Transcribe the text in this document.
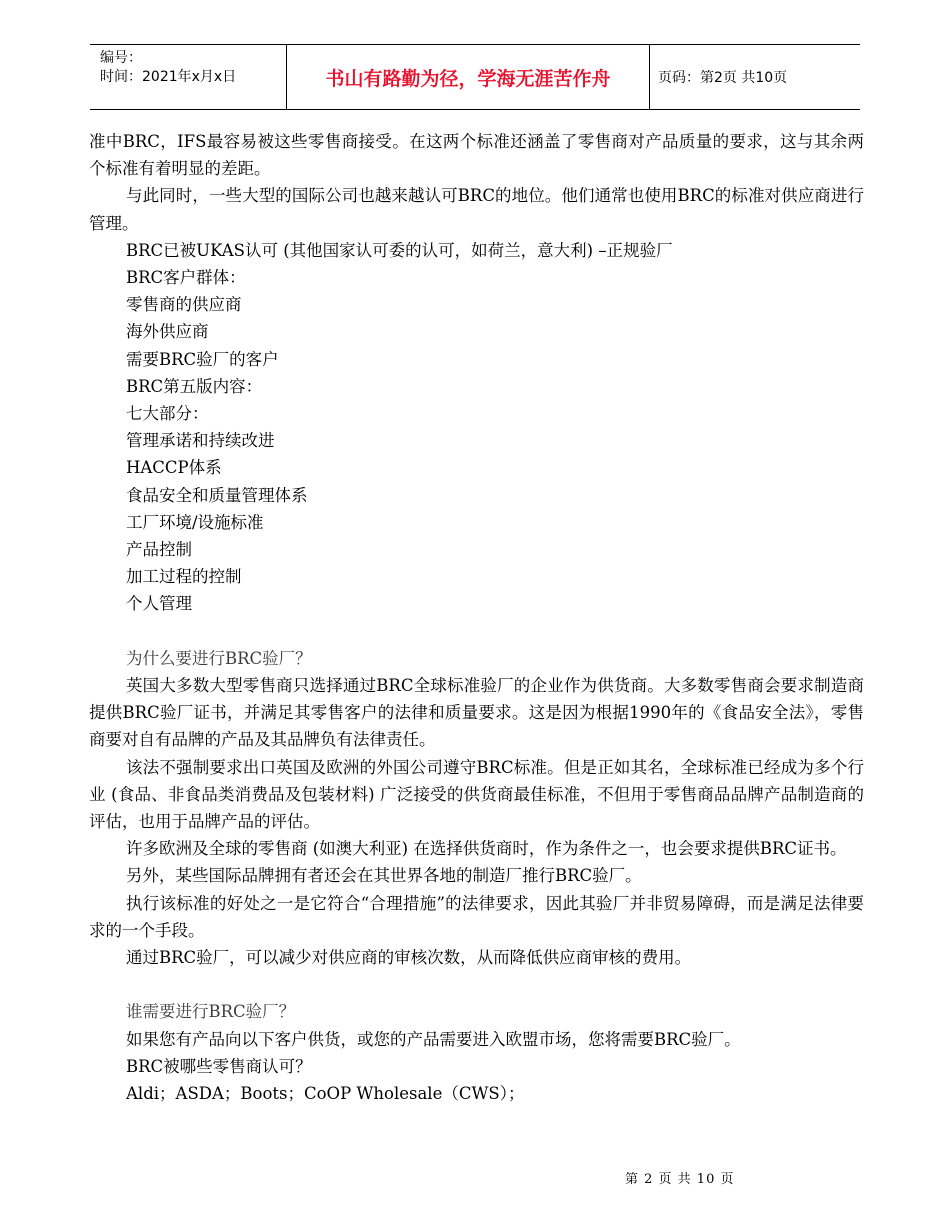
编号：
时间：2021年x月x日	书山有路勤为径，学海无涯苦作舟	页码：第2页 共10页

准中BRC，IFS最容易被这些零售商接受。在这两个标准还涵盖了零售商对产品质量的要求，这与其余两个标准有着明显的差距。

与此同时，一些大型的国际公司也越来越认可BRC的地位。他们通常也使用BRC的标准对供应商进行管理。

BRC已被UKAS认可 (其他国家认可委的认可，如荷兰，意大利) –正规验厂

BRC客户群体：

零售商的供应商

海外供应商

需要BRC验厂的客户

BRC第五版内容：

七大部分：

管理承诺和持续改进

HACCP体系

食品安全和质量管理体系

工厂环境/设施标准

产品控制

加工过程的控制

个人管理

为什么要进行BRC验厂？

英国大多数大型零售商只选择通过BRC全球标准验厂的企业作为供货商。大多数零售商会要求制造商提供BRC验厂证书，并满足其零售客户的法律和质量要求。这是因为根据1990年的《食品安全法》，零售商要对自有品牌的产品及其品牌负有法律责任。

该法不强制要求出口英国及欧洲的外国公司遵守BRC标准。但是正如其名，全球标准已经成为多个行业 (食品、非食品类消费品及包装材料) 广泛接受的供货商最佳标准，不但用于零售商品品牌产品制造商的评估，也用于品牌产品的评估。

许多欧洲及全球的零售商 (如澳大利亚) 在选择供货商时，作为条件之一，也会要求提供BRC证书。

另外，某些国际品牌拥有者还会在其世界各地的制造厂推行BRC验厂。

执行该标准的好处之一是它符合“合理措施”的法律要求，因此其验厂并非贸易障碍，而是满足法律要求的一个手段。

通过BRC验厂，可以减少对供应商的审核次数，从而降低供应商审核的费用。

谁需要进行BRC验厂？

如果您有产品向以下客户供货，或您的产品需要进入欧盟市场，您将需要BRC验厂。

BRC被哪些零售商认可？

Aldi；ASDA；Boots；CoOP Wholesale（CWS）；

第 2 页 共 10 页
